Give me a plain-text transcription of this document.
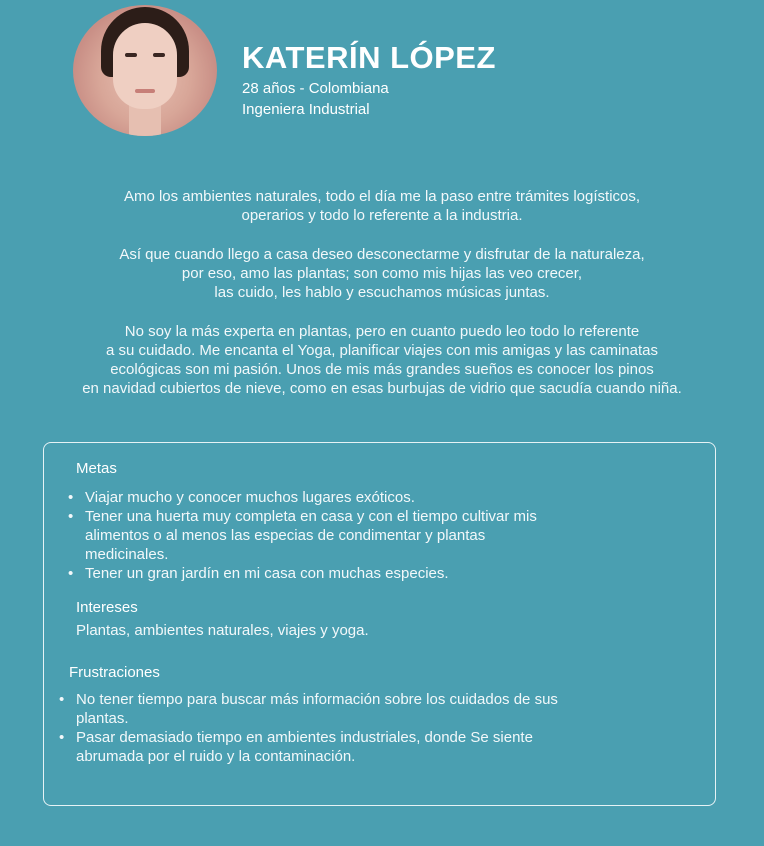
KATERÍN LÓPEZ
28 años - Colombiana
Ingeniera Industrial

Amo los ambientes naturales, todo el día me la paso entre trámites logísticos,
operarios y todo lo referente a la industria.

Así que cuando llego a casa deseo desconectarme y disfrutar de la naturaleza,
por eso, amo las plantas; son como mis hijas las veo crecer,
las cuido, les hablo y escuchamos músicas juntas.

No soy la más experta en plantas, pero en cuanto puedo leo todo lo referente
a su cuidado. Me encanta el Yoga, planificar viajes con mis amigas y las caminatas
ecológicas son mi pasión. Unos de mis más grandes sueños es conocer los pinos
en navidad cubiertos de nieve, como en esas burbujas de vidrio que sacudía cuando niña.

Metas
• Viajar mucho y conocer muchos lugares exóticos.
• Tener una huerta muy completa en casa y con el tiempo cultivar mis
alimentos o al menos las especias de condimentar y plantas
medicinales.
• Tener un gran jardín en mi casa con muchas especies.
Intereses
Plantas, ambientes naturales, viajes y yoga.
Frustraciones
• No tener tiempo para buscar más información sobre los cuidados de sus
plantas.
• Pasar demasiado tiempo en ambientes industriales, donde Se siente
abrumada por el ruido y la contaminación.
